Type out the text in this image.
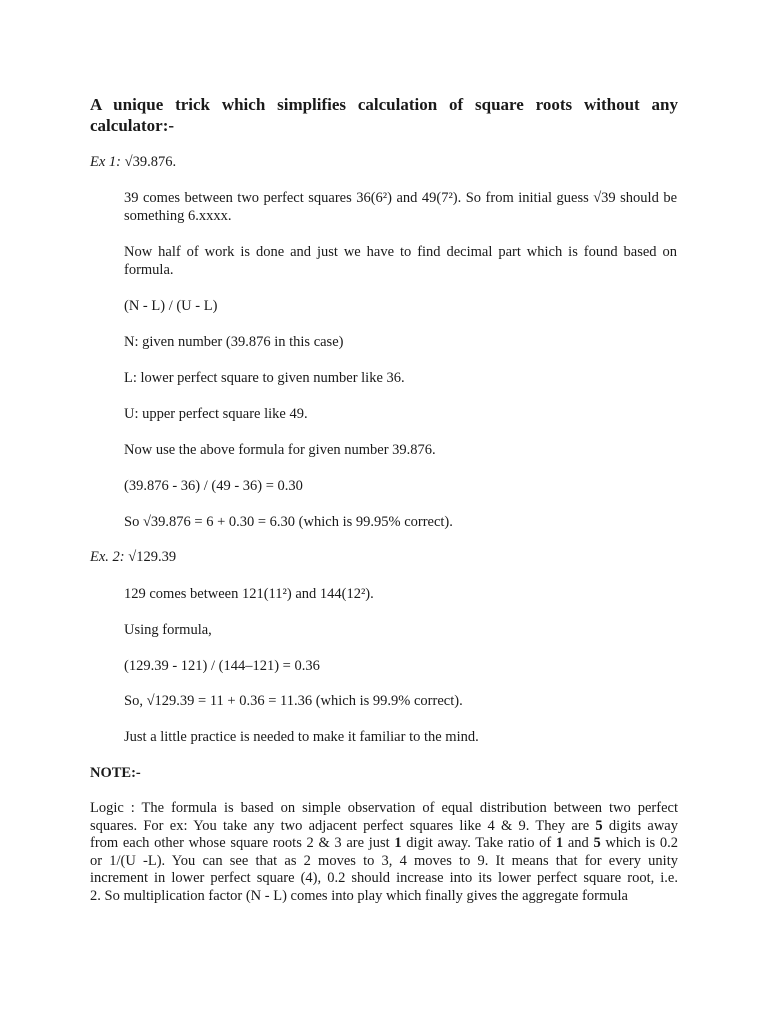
A unique trick which simplifies calculation of square roots without any calculator:-
Ex 1: √39.876.
39 comes between two perfect squares 36(6²) and 49(7²). So from initial guess √39 should be something 6.xxxx.
Now half of work is done and just we have to find decimal part which is found based on formula.
(N - L) / (U - L)
N: given number (39.876 in this case)
L: lower perfect square to given number like 36.
U: upper perfect square like 49.
Now use the above formula for given number 39.876.
(39.876 - 36) / (49 - 36) = 0.30
So √39.876 = 6 + 0.30 = 6.30 (which is 99.95% correct).
Ex. 2: √129.39
129 comes between 121(11²) and 144(12²).
Using formula,
(129.39 - 121) / (144–121) = 0.36
So, √129.39 = 11 + 0.36 = 11.36 (which is 99.9% correct).
Just a little practice is needed to make it familiar to the mind.
NOTE:-
Logic : The formula is based on simple observation of equal distribution between two perfect
squares. For ex: You take any two adjacent perfect squares like 4 & 9. They are 5 digits away
from each other whose square roots 2 & 3 are just 1 digit away. Take ratio of 1 and 5 which is 0.2
or 1/(U -L). You can see that as 2 moves to 3, 4 moves to 9. It means that for every unity
increment in lower perfect square (4), 0.2 should increase into its lower perfect square root, i.e.
2. So multiplication factor (N - L) comes into play which finally gives the aggregate formula
